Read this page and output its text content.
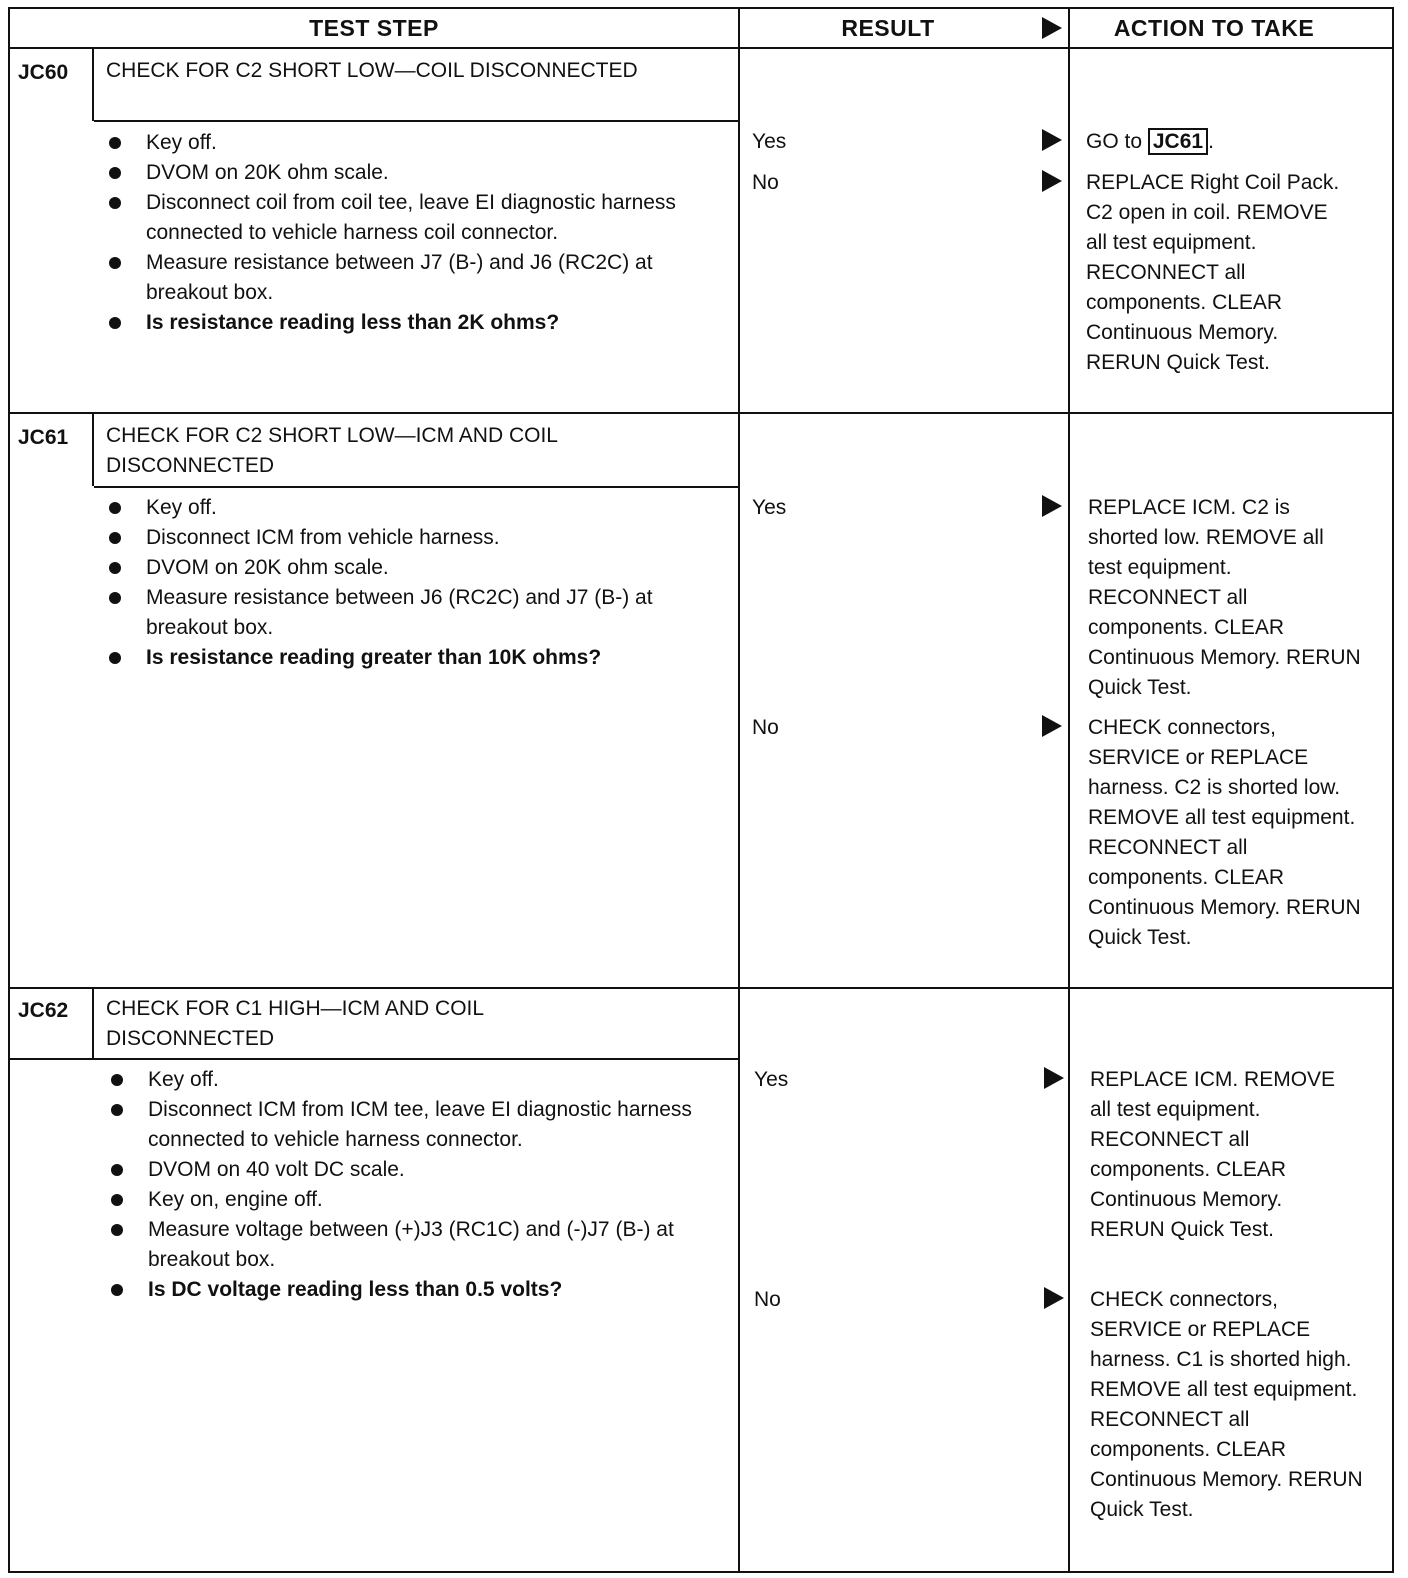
TEST STEP	RESULT	ACTION TO TAKE
JC60 CHECK FOR C2 SHORT LOW—COIL DISCONNECTED
Key off.
DVOM on 20K ohm scale.
Disconnect coil from coil tee, leave EI diagnostic harness connected to vehicle harness coil connector.
Measure resistance between J7 (B-) and J6 (RC2C) at breakout box.
Is resistance reading less than 2K ohms?
Yes	GO to JC61 .
No	REPLACE Right Coil Pack. C2 open in coil. REMOVE all test equipment. RECONNECT all components. CLEAR Continuous Memory. RERUN Quick Test.
JC61 CHECK FOR C2 SHORT LOW—ICM AND COIL DISCONNECTED
Key off.
Disconnect ICM from vehicle harness.
DVOM on 20K ohm scale.
Measure resistance between J6 (RC2C) and J7 (B-) at breakout box.
Is resistance reading greater than 10K ohms?
Yes	REPLACE ICM. C2 is shorted low. REMOVE all test equipment. RECONNECT all components. CLEAR Continuous Memory. RERUN Quick Test.
No	CHECK connectors, SERVICE or REPLACE harness. C2 is shorted low. REMOVE all test equipment. RECONNECT all components. CLEAR Continuous Memory. RERUN Quick Test.
JC62 CHECK FOR C1 HIGH—ICM AND COIL DISCONNECTED
Key off.
Disconnect ICM from ICM tee, leave EI diagnostic harness connected to vehicle harness connector.
DVOM on 40 volt DC scale.
Key on, engine off.
Measure voltage between (+)J3 (RC1C) and (-)J7 (B-) at breakout box.
Is DC voltage reading less than 0.5 volts?
Yes	REPLACE ICM. REMOVE all test equipment. RECONNECT all components. CLEAR Continuous Memory. RERUN Quick Test.
No	CHECK connectors, SERVICE or REPLACE harness. C1 is shorted high. REMOVE all test equipment. RECONNECT all components. CLEAR Continuous Memory. RERUN Quick Test.
